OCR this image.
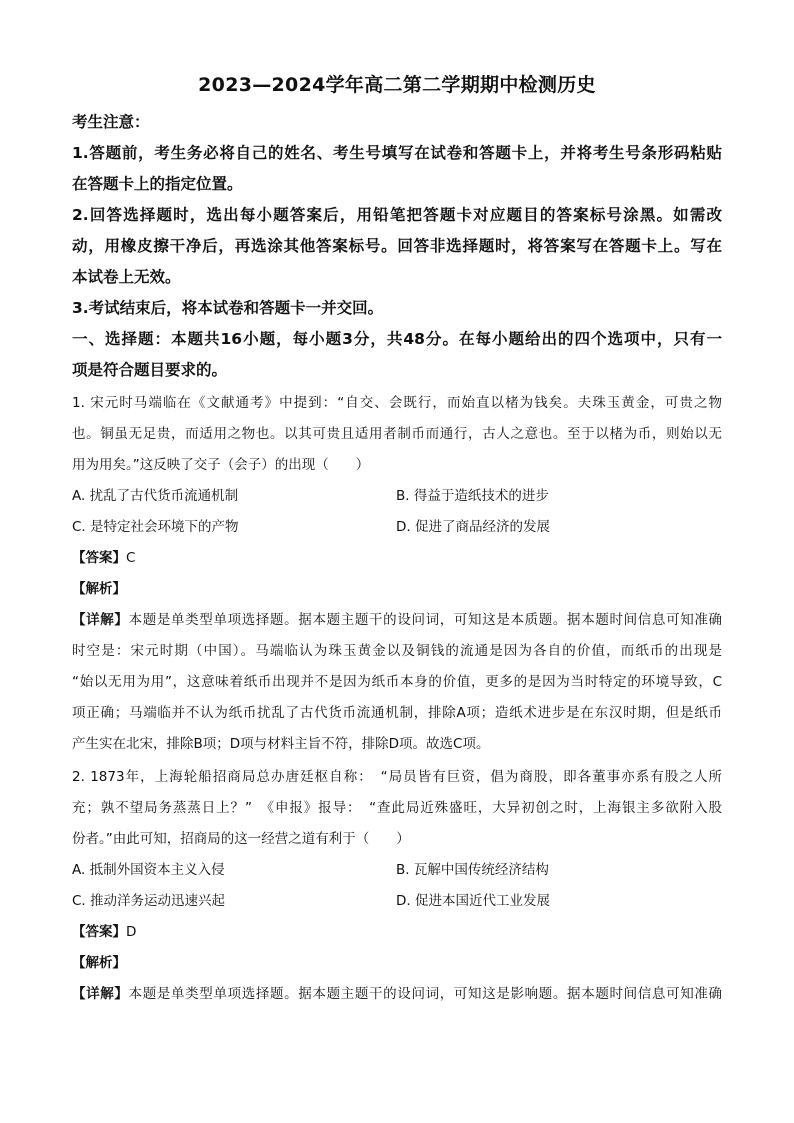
2023—2024学年高二第二学期期中检测历史
考生注意：
1.答题前，考生务必将自己的姓名、考生号填写在试卷和答题卡上，并将考生号条形码粘贴
在答题卡上的指定位置。
2.回答选择题时，选出每小题答案后，用铅笔把答题卡对应题目的答案标号涂黑。如需改
动，用橡皮擦干净后，再选涂其他答案标号。回答非选择题时，将答案写在答题卡上。写在
本试卷上无效。
3.考试结束后，将本试卷和答题卡一并交回。
一、选择题：本题共16小题，每小题3分，共48分。在每小题给出的四个选项中，只有一
项是符合题目要求的。
1. 宋元时马端临在《文献通考》中提到：“自交、会既行，而始直以楮为钱矣。夫珠玉黄金，可贵之物
也。铜虽无足贵，而适用之物也。以其可贵且适用者制币而通行，古人之意也。至于以楮为币，则始以无
用为用矣。”这反映了交子（会子）的出现（　　）
A. 扰乱了古代货币流通机制	B. 得益于造纸技术的进步
C. 是特定社会环境下的产物	D. 促进了商品经济的发展
【答案】C
【解析】
【详解】本题是单类型单项选择题。据本题主题干的设问词，可知这是本质题。据本题时间信息可知准确
时空是：宋元时期（中国）。马端临认为珠玉黄金以及铜钱的流通是因为各自的价值，而纸币的出现是
“始以无用为用”，这意味着纸币出现并不是因为纸币本身的价值，更多的是因为当时特定的环境导致，C
项正确；马端临并不认为纸币扰乱了古代货币流通机制，排除A项；造纸术进步是在东汉时期，但是纸币
产生实在北宋，排除B项；D项与材料主旨不符，排除D项。故选C项。
2. 1873年，上海轮船招商局总办唐廷枢自称：　“局员皆有巨资，倡为商股，即各董事亦系有股之人所
充；孰不望局务蒸蒸日上？”　《申报》报导：　“查此局近殊盛旺，大异初创之时，上海银主多欲附入股
份者。”由此可知，招商局的这一经营之道有利于（　　）
A. 抵制外国资本主义入侵	B. 瓦解中国传统经济结构
C. 推动洋务运动迅速兴起	D. 促进本国近代工业发展
【答案】D
【解析】
【详解】本题是单类型单项选择题。据本题主题干的设问词，可知这是影响题。据本题时间信息可知准确
